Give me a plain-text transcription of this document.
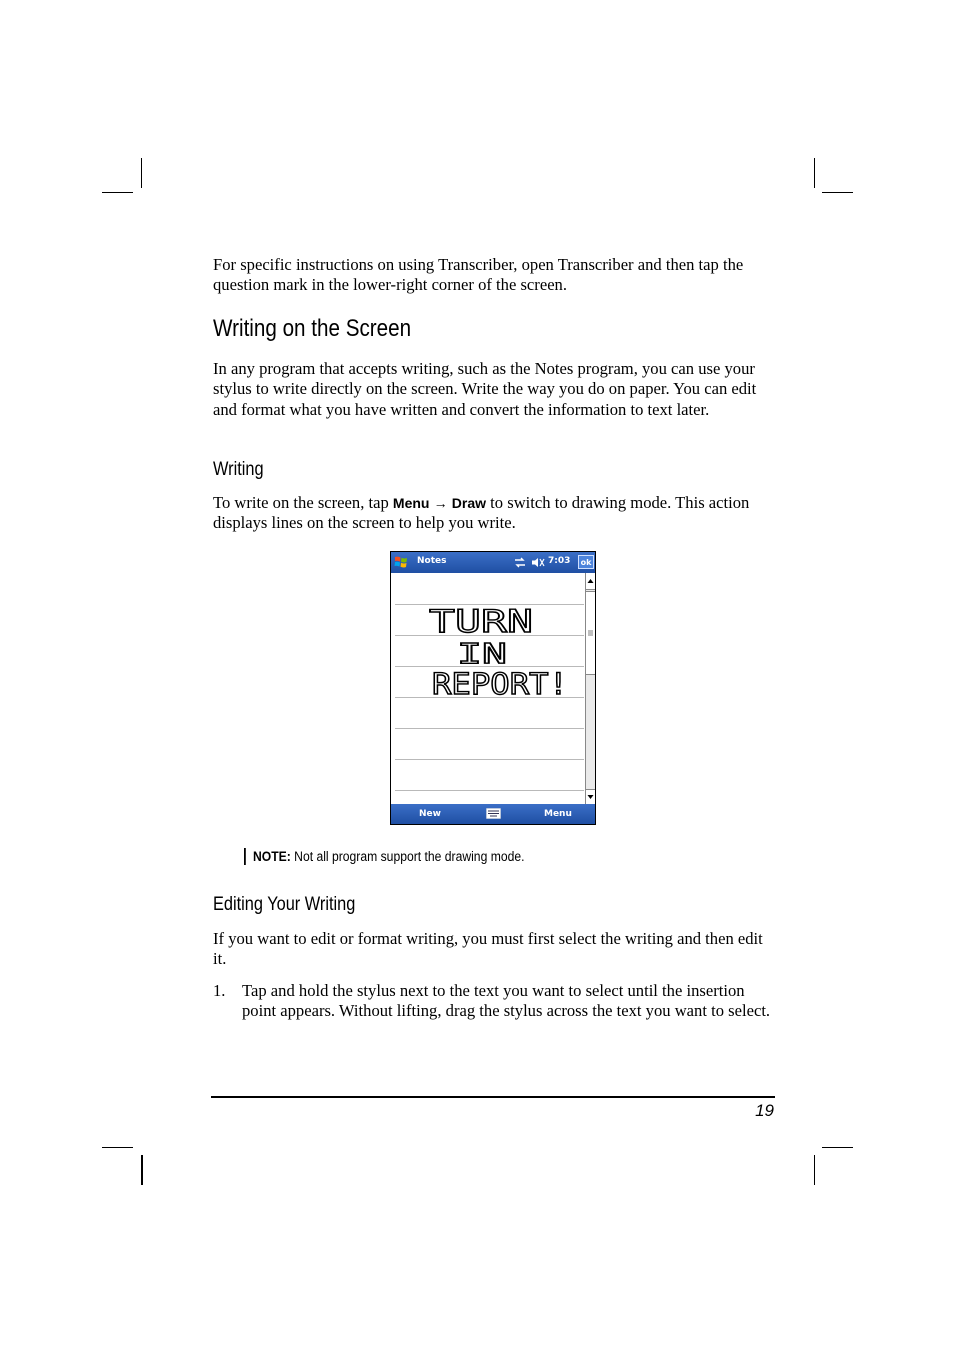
For specific instructions on using Transcriber, open Transcriber and then tap the question mark in the lower-right corner of the screen.

Writing on the Screen

In any program that accepts writing, such as the Notes program, you can use your stylus to write directly on the screen. Write the way you do on paper. You can edit and format what you have written and convert the information to text later.

Writing

To write on the screen, tap Menu → Draw to switch to drawing mode. This action displays lines on the screen to help you write.

Notes	7:03	ok
TURN
IN
REPORT!
New	Menu
NOTE: Not all program support the drawing mode.
Editing Your Writing

If you want to edit or format writing, you must first select the writing and then edit it.

1. Tap and hold the stylus next to the text you want to select until the insertion point appears. Without lifting, drag the stylus across the text you want to select.

19
